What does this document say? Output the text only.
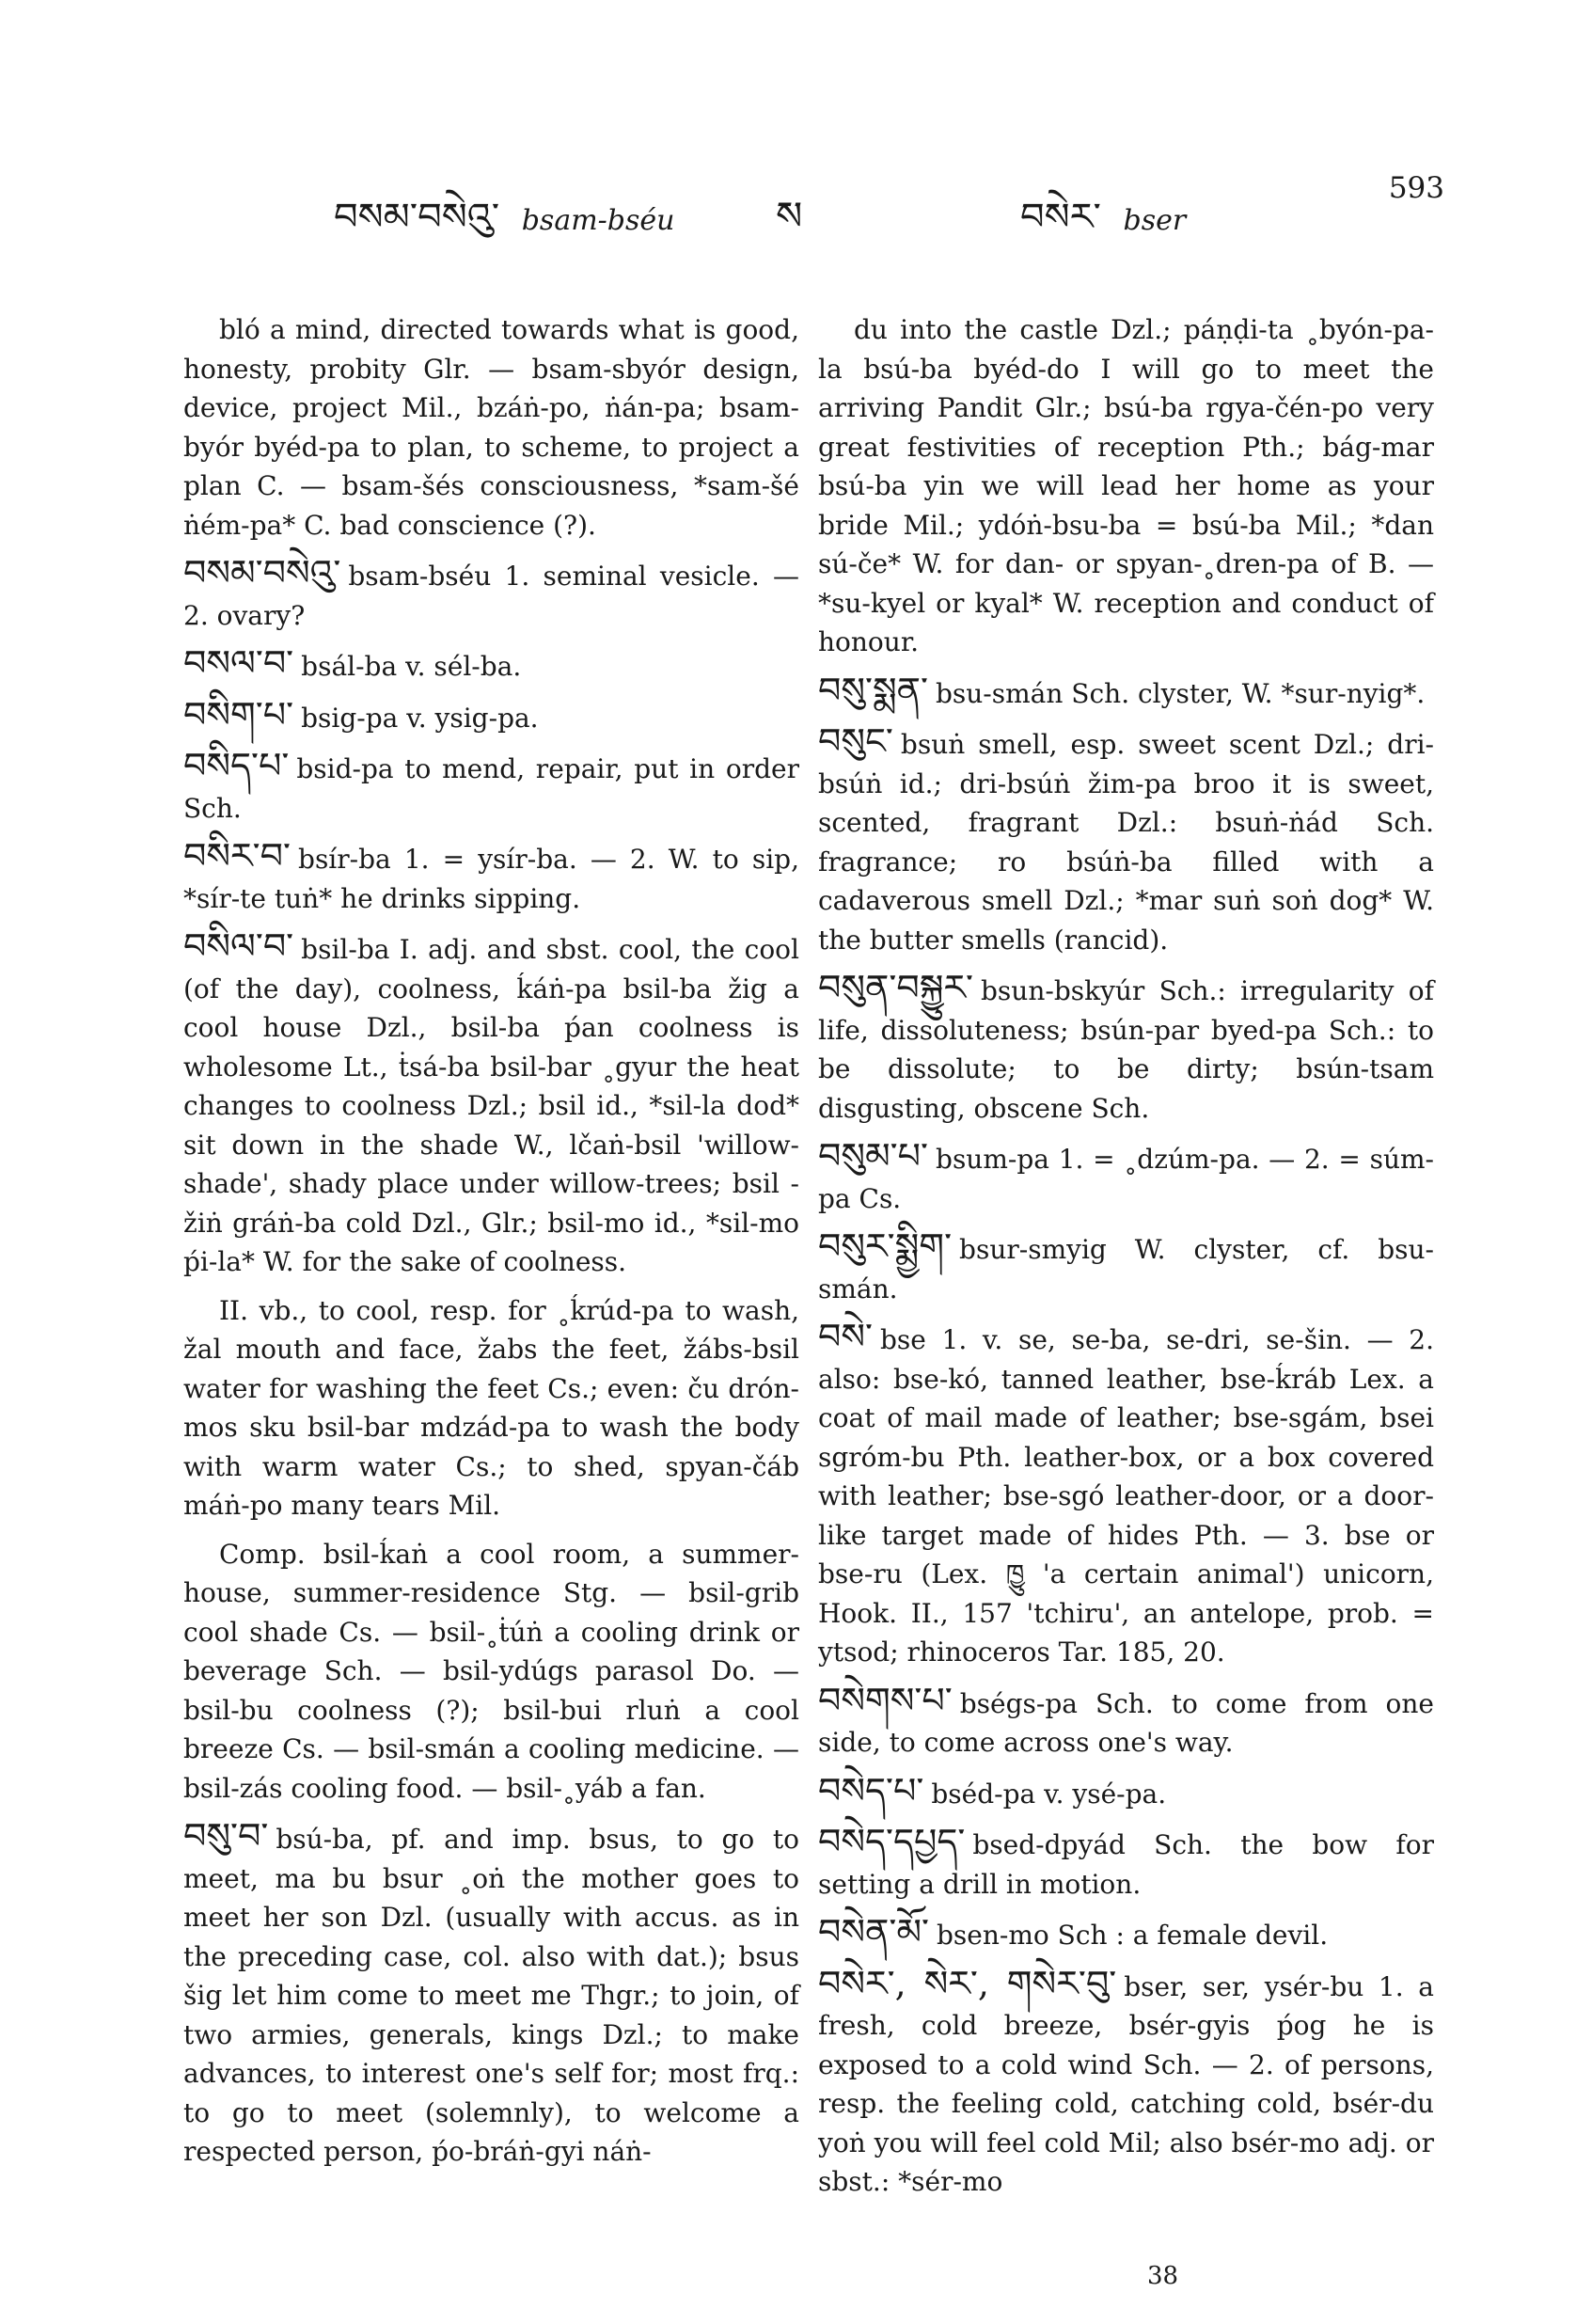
བསམ་བསེའུ་ bsam-bséu	ས	བསེར་ bser
593

bló a mind, directed towards what is good, honesty, probity Glr. — bsam-sbyór design, device, project Mil., bzáṅ-po, ṅán-pa; bsam-byór byéd-pa to plan, to scheme, to project a plan C. — bsam-šés consciousness, *sam-šé ṅém-pa* C. bad conscience (?).

བསམ་བསེའུ་ bsam-bséu 1. seminal vesicle. — 2. ovary?

བསལ་བ་ bsál-ba v. sél-ba.

བསིག་པ་ bsig-pa v. ysig-pa.

བསིད་པ་ bsid-pa to mend, repair, put in order Sch.

བསིར་བ་ bsír-ba 1. = ysír-ba. — 2. W. to sip, *sír-te tuṅ* he drinks sipping.

བསིལ་བ་ bsil-ba I. adj. and sbst. cool, the cool (of the day), coolness, ḱáṅ-pa bsil-ba žig a cool house Dzl., bsil-ba ṕan coolness is wholesome Lt., ṫsá-ba bsil-bar ˳gyur the heat changes to coolness Dzl.; bsil id., *sil-la dod* sit down in the shade W., lčaṅ-bsil 'willow-shade', shady place under willow-trees; bsil - žiṅ gráṅ-ba cold Dzl., Glr.; bsil-mo id., *sil-mo ṕi-la* W. for the sake of coolness.

II. vb., to cool, resp. for ˳ḱrúd-pa to wash, žal mouth and face, žabs the feet, žábs-bsil water for washing the feet Cs.; even: ču drón-mos sku bsil-bar mdzád-pa to wash the body with warm water Cs.; to shed, spyan-čáb máṅ-po many tears Mil.

Comp. bsil-ḱaṅ a cool room, a summer-house, summer-residence Stg. — bsil-grib cool shade Cs. — bsil-˳ṫúṅ a cooling drink or beverage Sch. — bsil-ydúgs parasol Do. — bsil-bu coolness (?); bsil-bui rluṅ a cool breeze Cs. — bsil-smán a cooling medicine. — bsil-zás cooling food. — bsil-˳yáb a fan.

བསུ་བ་ bsú-ba, pf. and imp. bsus, to go to meet, ma bu bsur ˳oṅ the mother goes to meet her son Dzl. (usually with accus. as in the preceding case, col. also with dat.); bsus šig let him come to meet me Thgr.; to join, of two armies, generals, kings Dzl.; to make advances, to interest one's self for; most frq.: to go to meet (solemnly), to welcome a respected person, ṕo-bráṅ-gyi náṅ-

du into the castle Dzl.; páṇḍi-ta ˳byón-pa-la bsú-ba byéd-do I will go to meet the arriving Pandit Glr.; bsú-ba rgya-čén-po very great festivities of reception Pth.; bág-mar bsú-ba yin we will lead her home as your bride Mil.; ydóṅ-bsu-ba = bsú-ba Mil.; *dan sú-če* W. for dan- or spyan-˳dren-pa of B. — *su-kyel or kyal* W. reception and conduct of honour.

བསུ་སྨན་ bsu-smán Sch. clyster, W. *sur-nyig*.

བསུང་ bsuṅ smell, esp. sweet scent Dzl.; dri-bsúṅ id.; dri-bsúṅ žim-pa broo it is sweet, scented, fragrant Dzl.: bsuṅ-ṅád Sch. fragrance; ro bsúṅ-ba filled with a cadaverous smell Dzl.; *mar suṅ soṅ dog* W. the butter smells (rancid).

བསུན་བསྐྱུར་ bsun-bskyúr Sch.: irregularity of life, dissoluteness; bsún-par byed-pa Sch.: to be dissolute; to be dirty; bsún-tsam disgusting, obscene Sch.

བསུམ་པ་ bsum-pa 1. = ˳dzúm-pa. — 2. = súm-pa Cs.

བསུར་སྨྱིག་ bsur-smyig W. clyster, cf. bsu-smán.

བསེ་ bse 1. v. se, se-ba, se-dri, se-šin. — 2. also: bse-kó, tanned leather, bse-ḱráb Lex. a coat of mail made of leather; bse-sgám, bsei sgróm-bu Pth. leather-box, or a box covered with leather; bse-sgó leather-door, or a door-like target made of hides Pth. — 3. bse or bse-ru (Lex. ཁྱུ 'a certain animal') unicorn, Hook. II., 157 'tchiru', an antelope, prob. = ytsod; rhinoceros Tar. 185, 20.

བསེགས་པ་ bségs-pa Sch. to come from one side, to come across one's way.

བསེད་པ་ bséd-pa v. ysé-pa.

བསེད་དཔྱད་ bsed-dpyád Sch. the bow for setting a drill in motion.

བསེན་མོ་ bsen-mo Sch : a female devil.

བསེར་, སེར་, གསེར་བུ་ bser, ser, ysér-bu 1. a fresh, cold breeze, bsér-gyis ṕog he is exposed to a cold wind Sch. — 2. of persons, resp. the feeling cold, catching cold, bsér-du yoṅ you will feel cold Mil; also bsér-mo adj. or sbst.: *sér-mo

38
